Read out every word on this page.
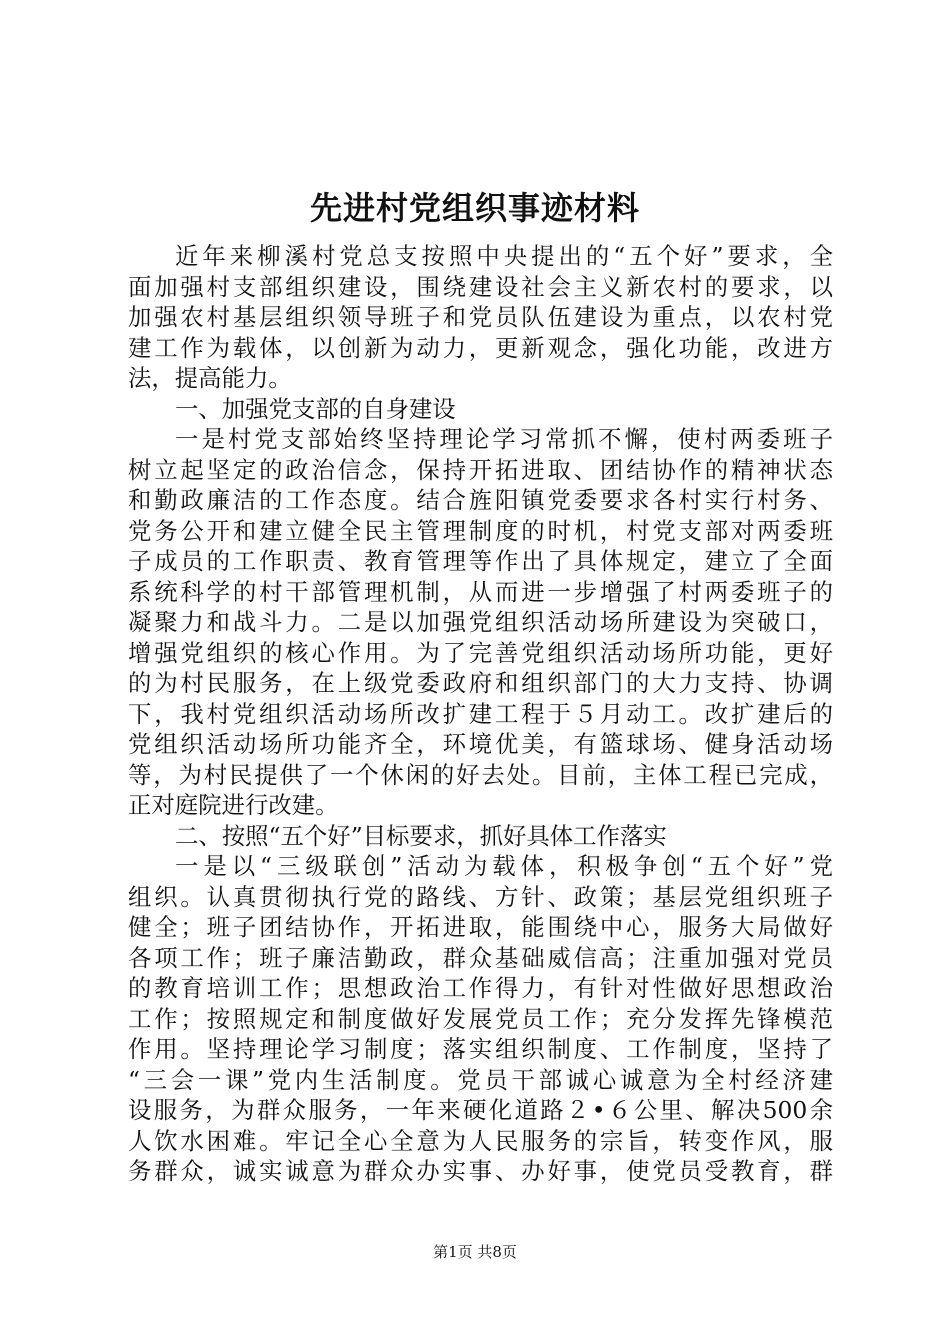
先进村党组织事迹材料
近年来柳溪村党总支按照中央提出的“五个好”要求，全
面加强村支部组织建设，围绕建设社会主义新农村的要求，以
加强农村基层组织领导班子和党员队伍建设为重点，以农村党
建工作为载体，以创新为动力，更新观念，强化功能，改进方
法，提高能力。
一、加强党支部的自身建设
一是村党支部始终坚持理论学习常抓不懈，使村两委班子
树立起坚定的政治信念，保持开拓进取、团结协作的精神状态
和勤政廉洁的工作态度。结合旌阳镇党委要求各村实行村务、
党务公开和建立健全民主管理制度的时机，村党支部对两委班
子成员的工作职责、教育管理等作出了具体规定，建立了全面
系统科学的村干部管理机制，从而进一步增强了村两委班子的
凝聚力和战斗力。二是以加强党组织活动场所建设为突破口，
增强党组织的核心作用。为了完善党组织活动场所功能，更好
的为村民服务，在上级党委政府和组织部门的大力支持、协调
下，我村党组织活动场所改扩建工程于５月动工。改扩建后的
党组织活动场所功能齐全，环境优美，有篮球场、健身活动场
等，为村民提供了一个休闲的好去处。目前，主体工程已完成，
正对庭院进行改建。
二、按照“五个好”目标要求，抓好具体工作落实
一是以“三级联创”活动为载体，积极争创“五个好”党
组织。认真贯彻执行党的路线、方针、政策；基层党组织班子
健全；班子团结协作，开拓进取，能围绕中心，服务大局做好
各项工作；班子廉洁勤政，群众基础威信高；注重加强对党员
的教育培训工作；思想政治工作得力，有针对性做好思想政治
工作；按照规定和制度做好发展党员工作；充分发挥先锋模范
作用。坚持理论学习制度；落实组织制度、工作制度，坚持了
“三会一课”党内生活制度。党员干部诚心诚意为全村经济建
设服务，为群众服务，一年来硬化道路２•６公里、解决500余
人饮水困难。牢记全心全意为人民服务的宗旨，转变作风，服
务群众，诚实诚意为群众办实事、办好事，使党员受教育，群
第1页 共8页
